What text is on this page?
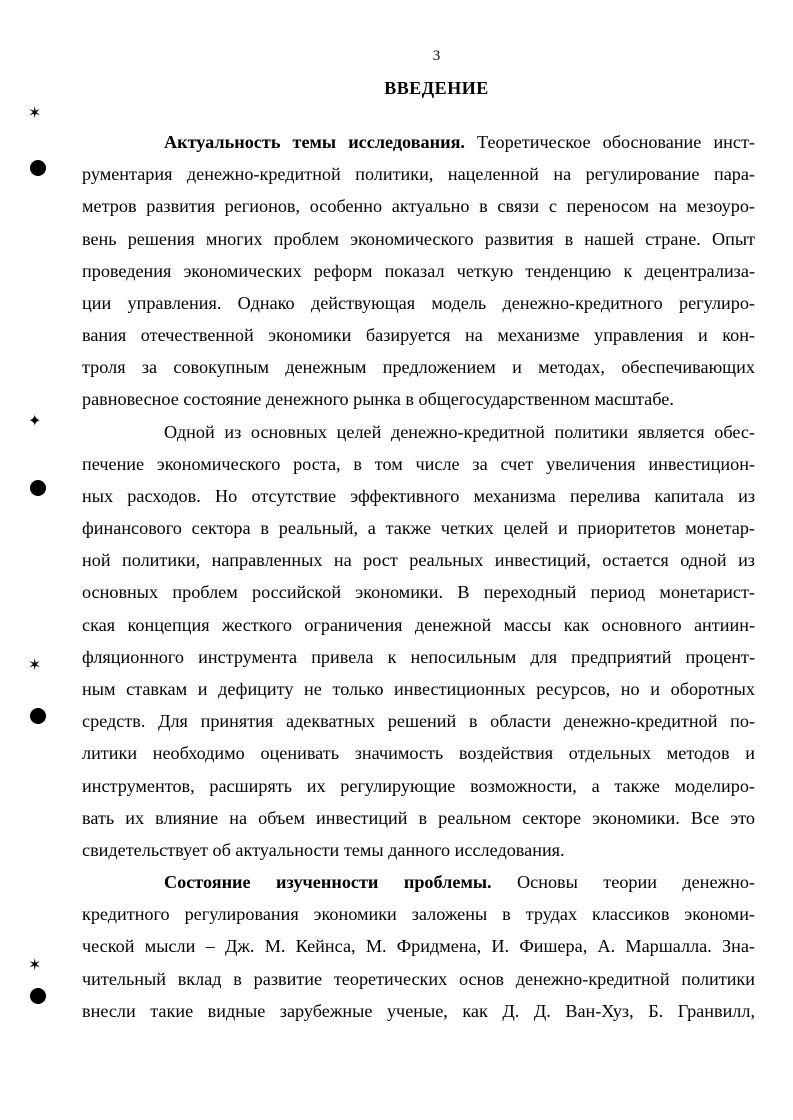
3
ВВЕДЕНИЕ
Актуальность темы исследования. Теоретическое обоснование инст-
рументария денежно-кредитной политики, нацеленной на регулирование пара-
метров развития регионов, особенно актуально в связи с переносом на мезоуро-
вень решения многих проблем экономического развития в нашей стране. Опыт
проведения экономических реформ показал четкую тенденцию к децентрализа-
ции управления. Однако действующая модель денежно-кредитного регулиро-
вания отечественной экономики базируется на механизме управления и кон-
троля за совокупным денежным предложением и методах, обеспечивающих
равновесное состояние денежного рынка в общегосударственном масштабе.
Одной из основных целей денежно-кредитной политики является обес-
печение экономического роста, в том числе за счет увеличения инвестицион-
ных расходов. Но отсутствие эффективного механизма перелива капитала из
финансового сектора в реальный, а также четких целей и приоритетов монетар-
ной политики, направленных на рост реальных инвестиций, остается одной из
основных проблем российской экономики. В переходный период монетарист-
ская концепция жесткого ограничения денежной массы как основного антиин-
фляционного инструмента привела к непосильным для предприятий процент-
ным ставкам и дефициту не только инвестиционных ресурсов, но и оборотных
средств. Для принятия адекватных решений в области денежно-кредитной по-
литики необходимо оценивать значимость воздействия отдельных методов и
инструментов, расширять их регулирующие возможности, а также моделиро-
вать их влияние на объем инвестиций в реальном секторе экономики. Все это
свидетельствует об актуальности темы данного исследования.
Состояние изученности проблемы. Основы теории денежно-
кредитного регулирования экономики заложены в трудах классиков экономи-
ческой мысли – Дж. М. Кейнса, М. Фридмена, И. Фишера, А. Маршалла. Зна-
чительный вклад в развитие теоретических основ денежно-кредитной политики
внесли такие видные зарубежные ученые, как Д. Д. Ван-Хуз, Б. Гранвилл,
✶
✦
✶
✶
